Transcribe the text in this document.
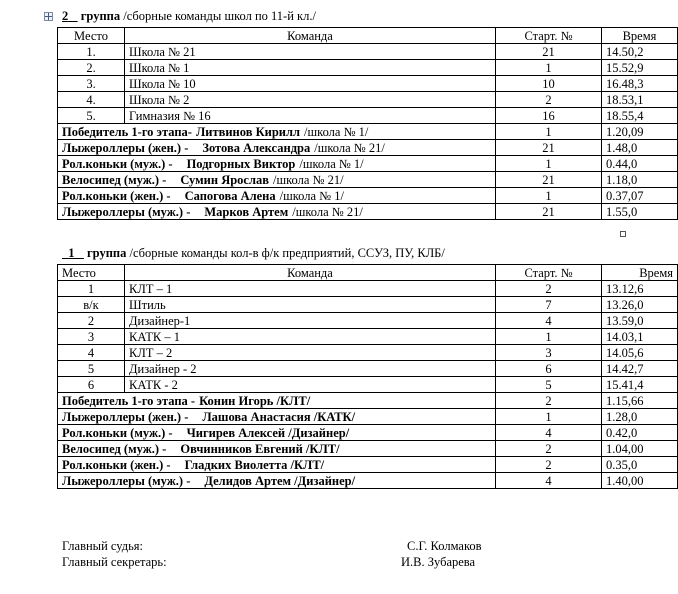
2 группа /сборные команды школ по 11-й кл./
Место	Команда	Старт. №	Время
1.	Школа № 21	21	14.50,2
2.	Школа № 1	1	15.52,9
3.	Школа № 10	10	16.48,3
4.	Школа № 2	2	18.53,1
5.	Гимназия № 16	16	18.55,4
Победитель 1-го этапа- Литвинов Кирилл /школа № 1/		1	1.20,09
Лыжероллеры (жен.) - Зотова Александра /школа № 21/		21	1.48,0
Рол.коньки (муж.) - Подгорных Виктор /школа № 1/		1	0.44,0
Велосипед (муж.) - Сумин Ярослав /школа № 21/		21	1.18,0
Рол.коньки (жен.) - Сапогова Алена /школа № 1/		1	0.37,07
Лыжероллеры (муж.) - Марков Артем /школа № 21/		21	1.55,0
1 группа /сборные команды кол-в ф/к предприятий, ССУЗ, ПУ, КЛБ/
Место	Команда	Старт. №	Время
1	КЛТ – 1	2	13.12,6
в/к	Штиль	7	13.26,0
2	Дизайнер-1	4	13.59,0
3	КАТК – 1	1	14.03,1
4	КЛТ – 2	3	14.05,6
5	Дизайнер - 2	6	14.42,7
6	КАТК - 2	5	15.41,4
Победитель 1-го этапа - Конин Игорь /КЛТ/		2	1.15,66
Лыжероллеры (жен.) - Лашова Анастасия /КАТК/		1	1.28,0
Рол.коньки (муж.) - Чигирев Алексей /Дизайнер/		4	0.42,0
Велосипед (муж.) - Овчинников Евгений /КЛТ/		2	1.04,00
Рол.коньки (жен.) - Гладких Виолетта /КЛТ/		2	0.35,0
Лыжероллеры (муж.) - Делидов Артем /Дизайнер/		4	1.40,00
Главный судья:	С.Г. Колмаков
Главный секретарь:	И.В. Зубарева
